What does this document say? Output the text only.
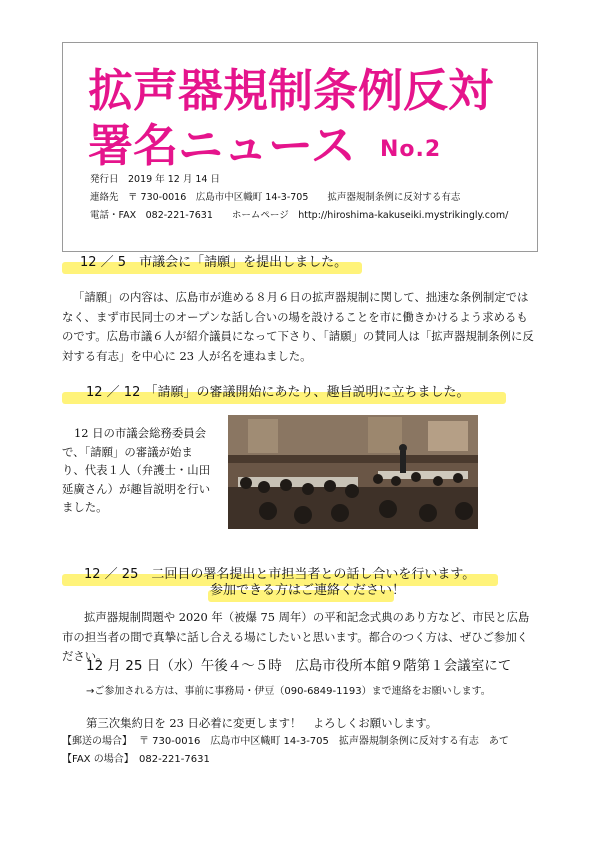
拡声器規制条例反対
署名ニュース No.2
発行日　2019 年 12 月 14 日
連絡先　〒 730-0016　広島市中区幟町 14-3-705　　拡声器規制条例に反対する有志
電話・FAX　082-221-7631　　ホームページ　http://hiroshima-kakuseiki.mystrikingly.com/
12 ／ 5　市議会に「請願」を提出しました。
「請願」の内容は、広島市が進める８月６日の拡声器規制に関して、拙速な条例制定ではなく、まず市民同士のオープンな話し合いの場を設けることを市に働きかけるよう求めるものです。広島市議６人が紹介議員になって下さり、「請願」の賛同人は「拡声器規制条例に反対する有志」を中心に 23 人が名を連ねました。
12 ／ 12 「請願」の審議開始にあたり、趣旨説明に立ちました。
12 日の市議会総務委員会で、「請願」の審議が始まり、代表１人（弁護士・山田延廣さん）が趣旨説明を行いました。
12 ／ 25　二回目の署名提出と市担当者との話し合いを行います。
参加できる方はご連絡ください！
拡声器規制問題や 2020 年（被爆 75 周年）の平和記念式典のあり方など、市民と広島市の担当者の間で真摯に話し合える場にしたいと思います。都合のつく方は、ぜひご参加ください。
12 月 25 日（水）午後４～５時　広島市役所本館９階第１会議室にて
→ご参加される方は、事前に事務局・伊豆（090-6849-1193）まで連絡をお願いします。
第三次集約日を 23 日必着に変更します！　よろしくお願いします。
【郵送の場合】 〒 730-0016　広島市中区幟町 14-3-705　拡声器規制条例に反対する有志　あて
【FAX の場合】 082-221-7631
